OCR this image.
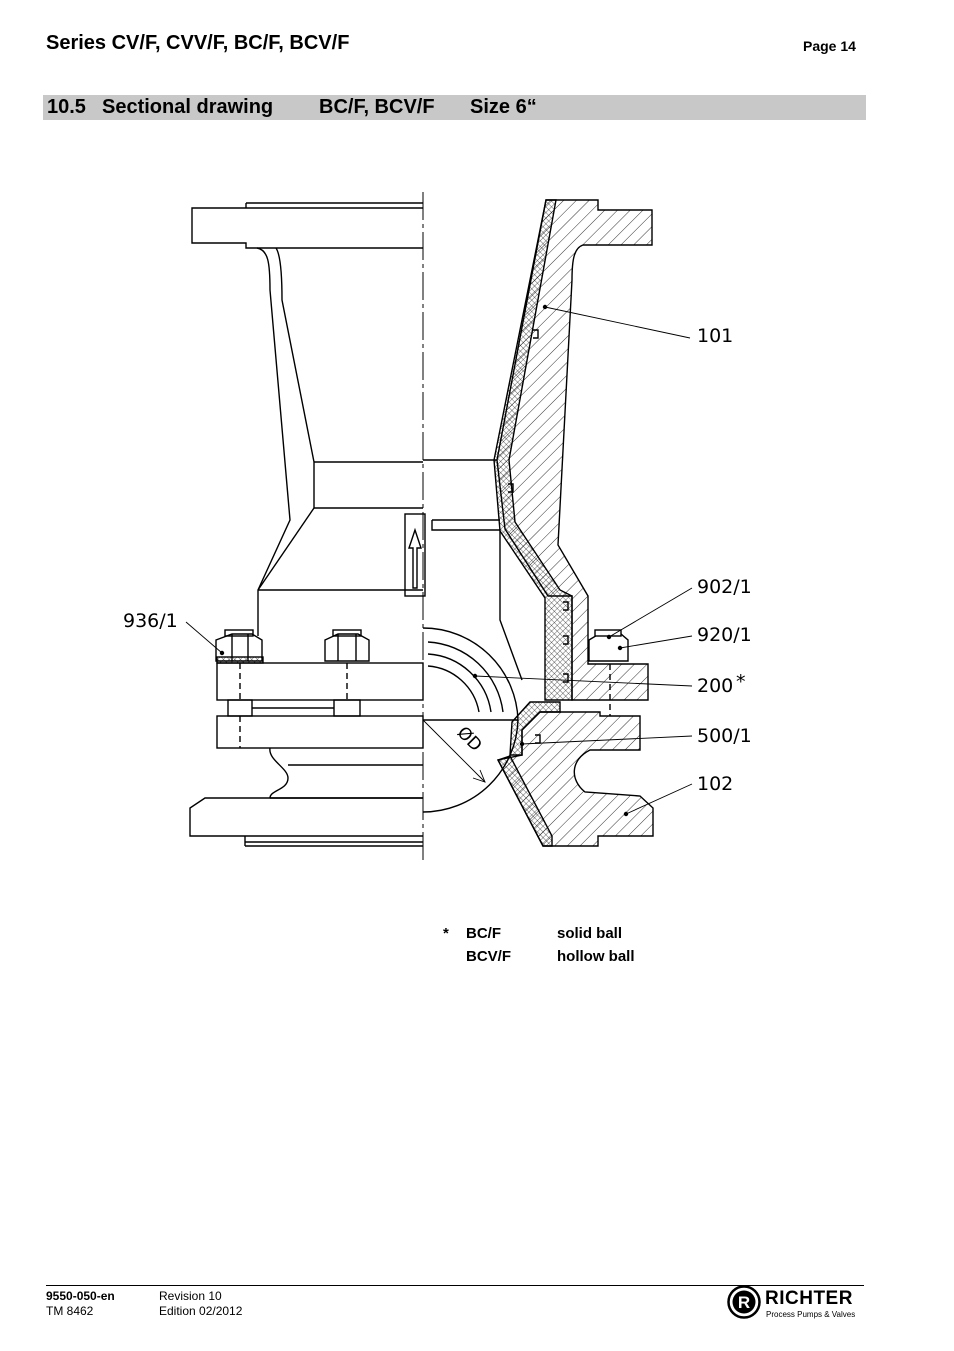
Series CV/F, CVV/F, BC/F, BCV/F	Page 14
10.5 Sectional drawing BC/F, BCV/F Size 6“
101
902/1
920/1
200 *
500/1
102
936/1
ØD
* BC/F	solid ball
BCV/F	hollow ball
9550-050-en
TM 8462
Revision 10
Edition 02/2012	R RICHTER
Process Pumps & Valves
